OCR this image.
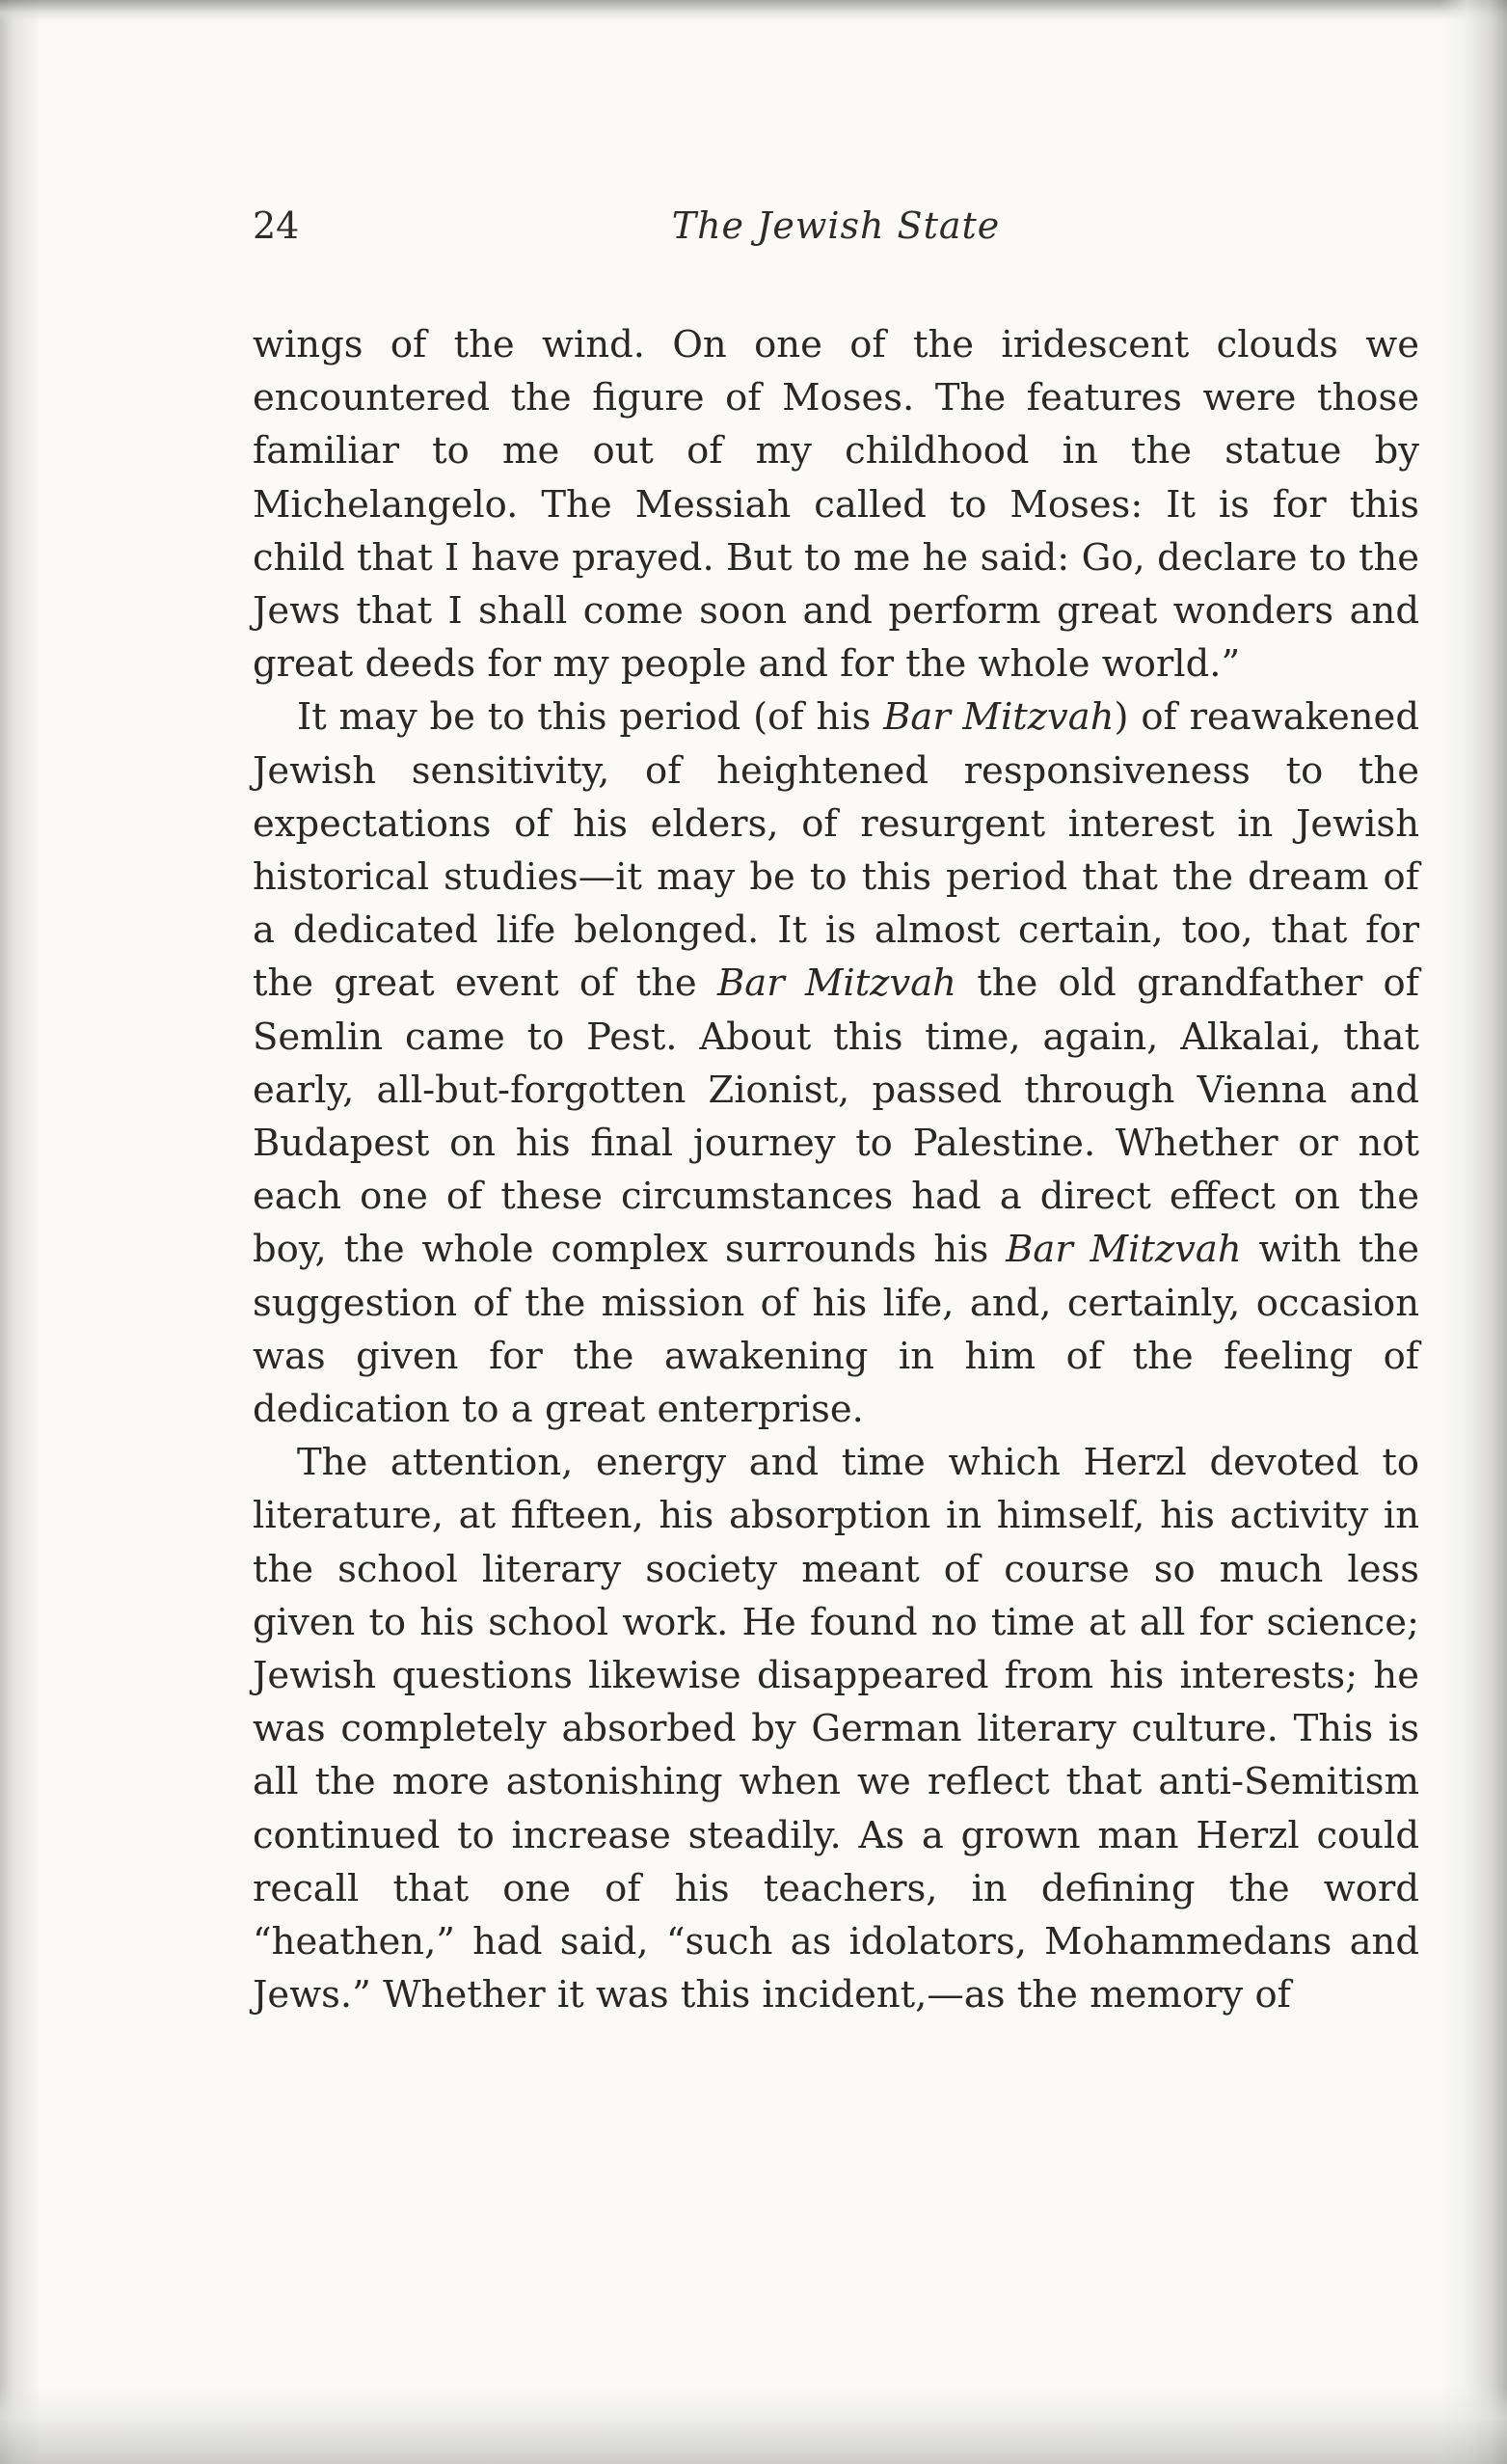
24	The Jewish State

wings of the wind. On one of the iridescent clouds we encountered the figure of Moses. The features were those familiar to me out of my childhood in the statue by Michelangelo. The Messiah called to Moses: It is for this child that I have prayed. But to me he said: Go, declare to the Jews that I shall come soon and perform great wonders and great deeds for my people and for the whole world.”

It may be to this period (of his Bar Mitzvah) of reawakened Jewish sensitivity, of heightened responsiveness to the expectations of his elders, of resurgent interest in Jewish historical studies—it may be to this period that the dream of a dedicated life belonged. It is almost certain, too, that for the great event of the Bar Mitzvah the old grandfather of Semlin came to Pest. About this time, again, Alkalai, that early, all-but-forgotten Zionist, passed through Vienna and Budapest on his final journey to Palestine. Whether or not each one of these circumstances had a direct effect on the boy, the whole complex surrounds his Bar Mitzvah with the suggestion of the mission of his life, and, certainly, occasion was given for the awakening in him of the feeling of dedication to a great enterprise.

The attention, energy and time which Herzl devoted to literature, at fifteen, his absorption in himself, his activity in the school literary society meant of course so much less given to his school work. He found no time at all for science; Jewish questions likewise disappeared from his interests; he was completely absorbed by German literary culture. This is all the more astonishing when we reflect that anti-Semitism continued to increase steadily. As a grown man Herzl could recall that one of his teachers, in defining the word “heathen,” had said, “such as idolators, Mohammedans and Jews.” Whether it was this incident,—as the memory of
